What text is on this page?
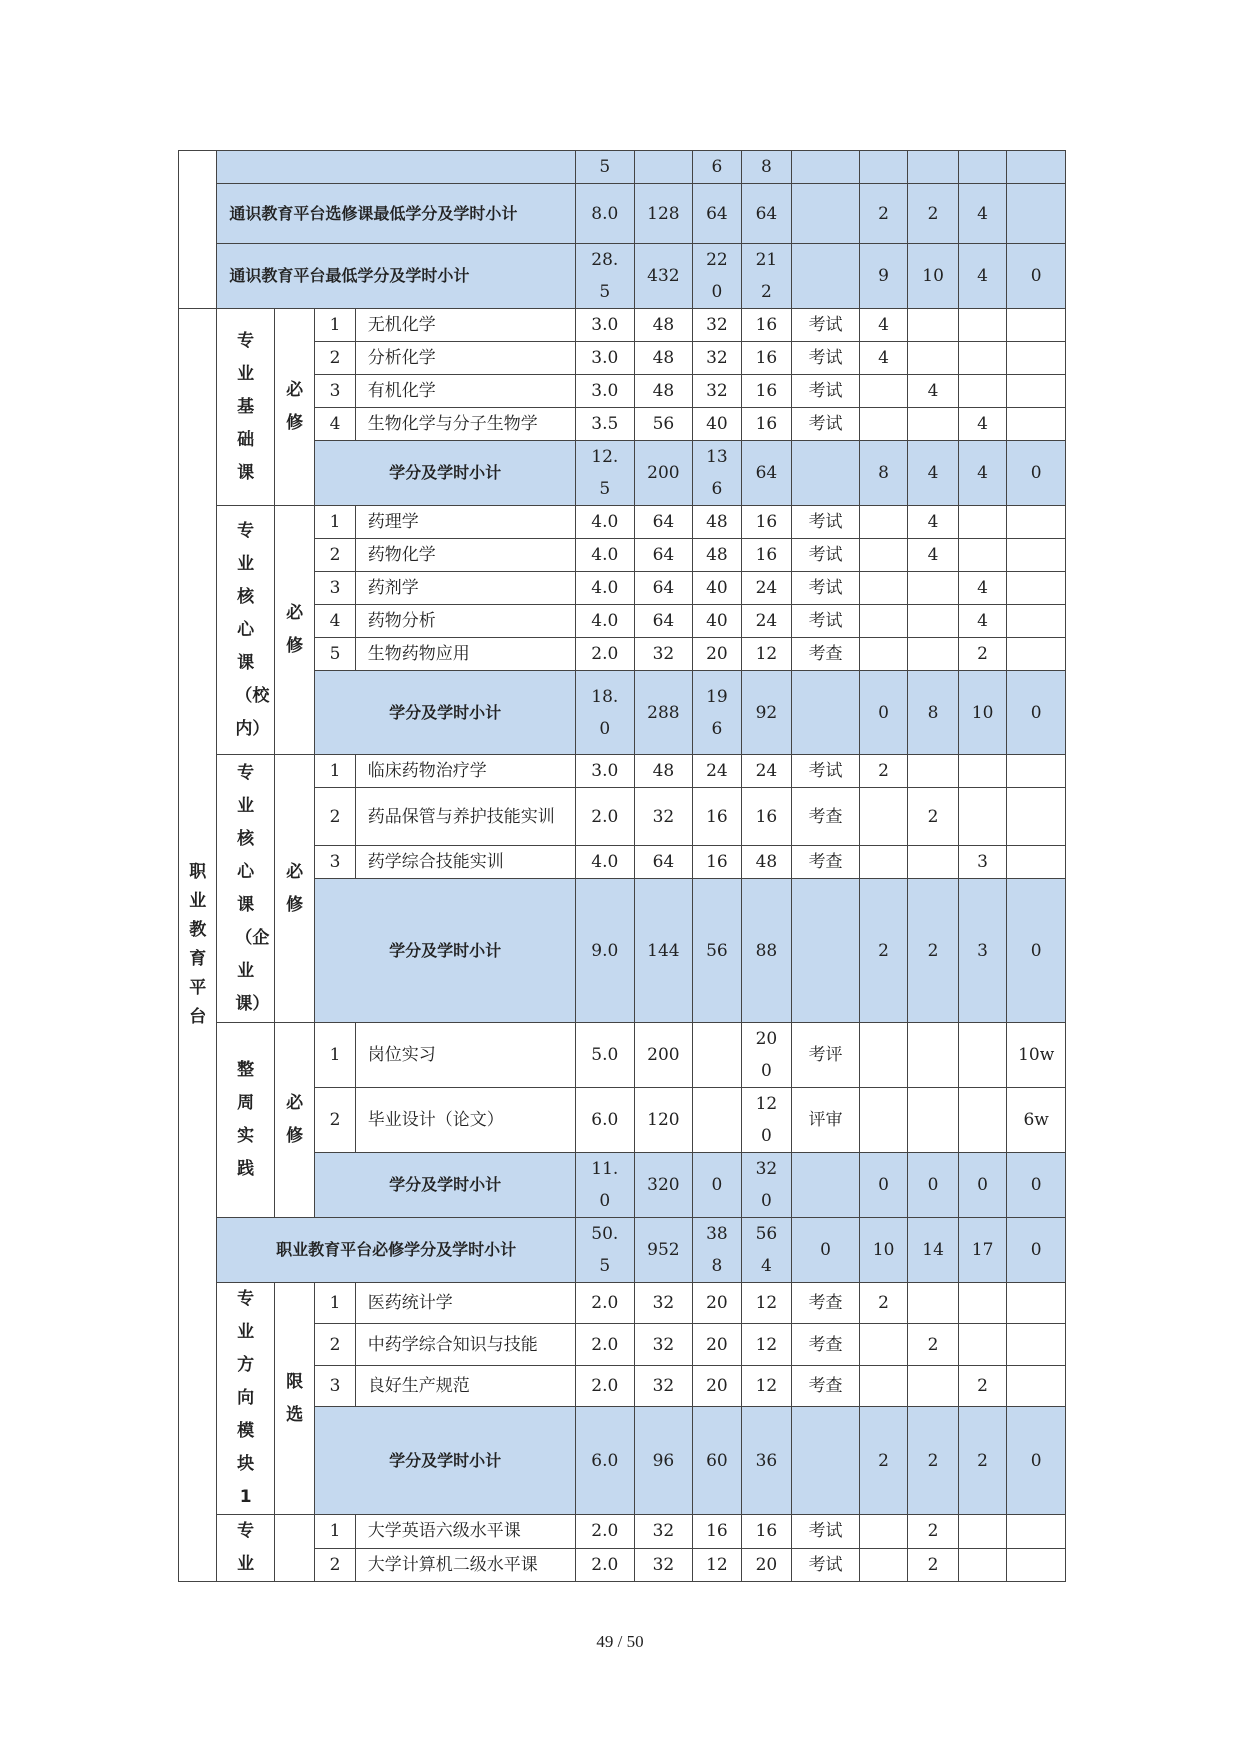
					5		6	8					
	通识教育平台选修课最低学分及学时小计				8.0	128	64	64		2	2	4	
	通识教育平台最低学分及学时小计				28.5	432	220	212		9	10	4	0
职业教育平台	专业基础课	必修	1	无机化学	3.0	48	32	16	考试	4			
			2	分析化学	3.0	48	32	16	考试	4			
			3	有机化学	3.0	48	32	16	考试		4		
			4	生物化学与分子生物学	3.5	56	40	16	考试			4	
			学分及学时小计		12.5	200	136	64		8	4	4	0
	专业核心课（校内）	必修	1	药理学	4.0	64	48	16	考试		4		
			2	药物化学	4.0	64	48	16	考试		4		
			3	药剂学	4.0	64	40	24	考试			4	
			4	药物分析	4.0	64	40	24	考试			4	
			5	生物药物应用	2.0	32	20	12	考查			2	
			学分及学时小计		18.0	288	196	92		0	8	10	0
	专业核心课（企业课）	必修	1	临床药物治疗学	3.0	48	24	24	考试	2			
			2	药品保管与养护技能实训	2.0	32	16	16	考查		2		
			3	药学综合技能实训	4.0	64	16	48	考查			3	
			学分及学时小计		9.0	144	56	88		2	2	3	0
	整周实践	必修	1	岗位实习	5.0	200		200	考评				10w
			2	毕业设计（论文）	6.0	120		120	评审				6w
			学分及学时小计		11.0	320	0	320		0	0	0	0
	职业教育平台必修学分及学时小计				50.5	952	388	564	0	10	14	17	0
	专业方向模块1	限选	1	医药统计学	2.0	32	20	12	考查	2			
			2	中药学综合知识与技能	2.0	32	20	12	考查		2		
			3	良好生产规范	2.0	32	20	12	考查			2	
			学分及学时小计		6.0	96	60	36		2	2	2	0
	专业		1	大学英语六级水平课	2.0	32	16	16	考试		2		
			2	大学计算机二级水平课	2.0	32	12	20	考试		2		
49 / 50
